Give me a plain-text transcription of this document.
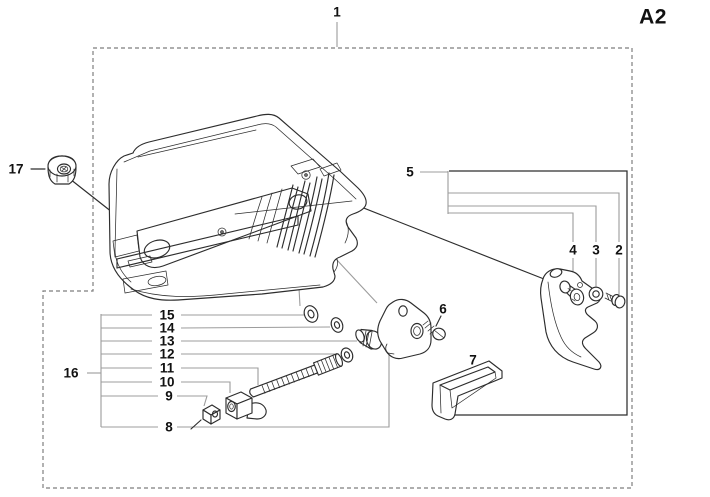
A2
1
17	5
4 3 2
6
7
15
14
13
12
11
10
9
8
16
